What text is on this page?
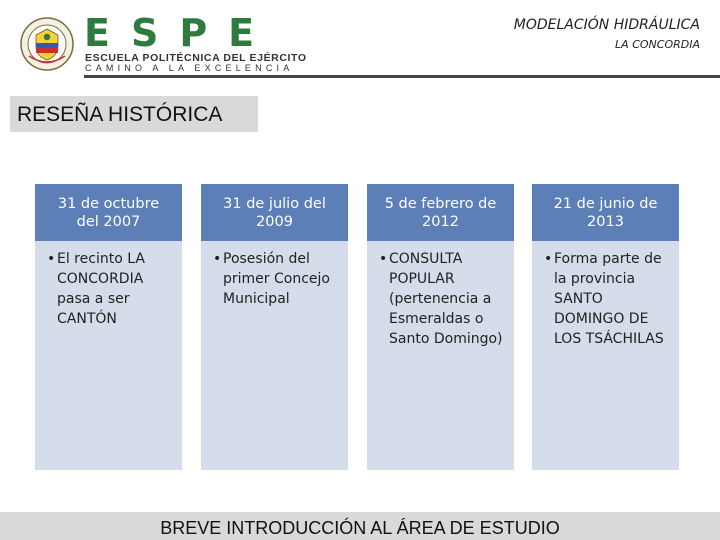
ESPE
ESCUELA POLITÉCNICA DEL EJÉRCITO
CAMINO A LA EXCELENCIA
MODELACIÓN HIDRÁULICA
LA CONCORDIA
RESEÑA HISTÓRICA
31 de octubre del 2007
• El recinto LA CONCORDIA pasa a ser CANTÓN
31 de julio del 2009
• Posesión del primer Concejo Municipal
5 de febrero de 2012
• CONSULTA POPULAR (pertenencia a Esmeraldas o Santo Domingo)
21 de junio de 2013
• Forma parte de la provincia SANTO DOMINGO DE LOS TSÁCHILAS
BREVE INTRODUCCIÓN AL ÁREA DE ESTUDIO
